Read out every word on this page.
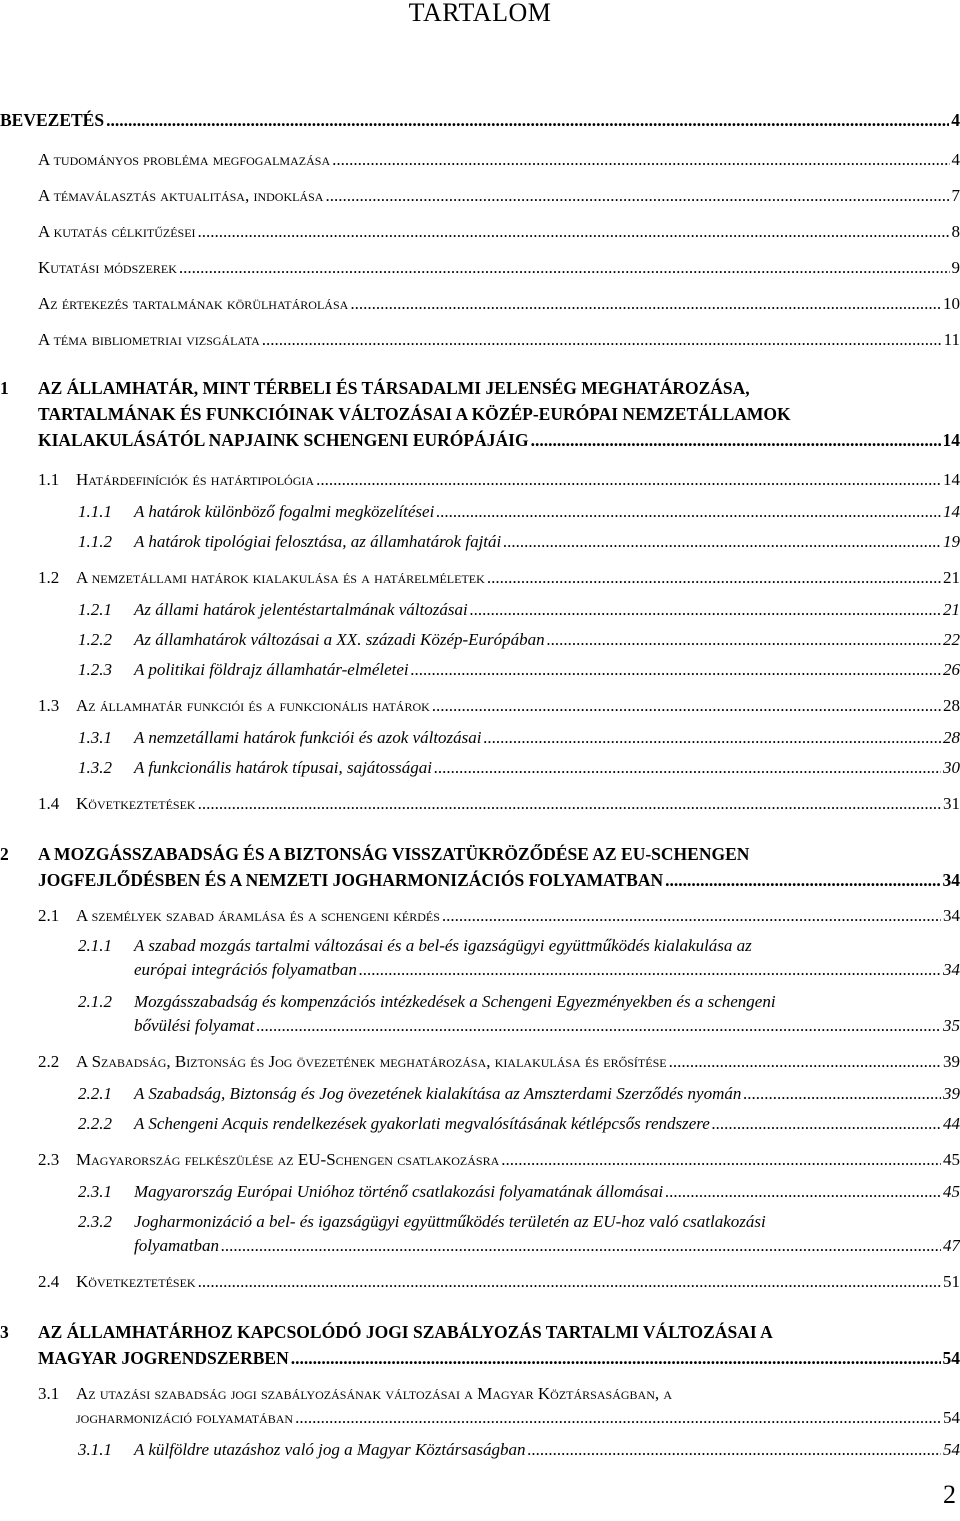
TARTALOM
BEVEZETÉS .....	4
A tudományos probléma megfogalmazása .....	4
A témaválasztás aktualitása, indoklása .....	7
A kutatás célkitűzései .....	8
Kutatási módszerek .....	9
Az értekezés tartalmának körülhatárolása .....	10
A téma bibliometriai vizsgálata .....	11
1 AZ ÁLLAMHATÁR, MINT TÉRBELI ÉS TÁRSADALMI JELENSÉG MEGHATÁROZÁSA,
TARTALMÁNAK ÉS FUNKCIÓINAK VÁLTOZÁSAI A KÖZÉP-EURÓPAI NEMZETÁLLAMOK
KIALAKULÁSÁTÓL NAPJAINK SCHENGENI EURÓPÁJÁIG .....	14
1.1 Határdefiníciók és határtipológia .....	14
1.1.1	A határok különböző fogalmi megközelítései .....	14
1.1.2	A határok tipológiai felosztása, az államhatárok fajtái .....	19
1.2 A nemzetállami határok kialakulása és a határelméletek .....	21
1.2.1	Az állami határok jelentéstartalmának változásai .....	21
1.2.2	Az államhatárok változásai a XX. századi Közép-Európában .....	22
1.2.3	A politikai földrajz államhatár-elméletei .....	26
1.3 Az államhatár funkciói és a funkcionális határok .....	28
1.3.1	A nemzetállami határok funkciói és azok változásai .....	28
1.3.2	A funkcionális határok típusai, sajátosságai .....	30
1.4 Következtetések .....	31
2 A MOZGÁSSZABADSÁG ÉS A BIZTONSÁG VISSZATÜKRÖZŐDÉSE AZ EU-SCHENGEN
JOGFEJLŐDÉSBEN ÉS A NEMZETI JOGHARMONIZÁCIÓS FOLYAMATBAN .....	34
2.1 A személyek szabad áramlása és a schengeni kérdés .....	34
2.1.1 A szabad mozgás tartalmi változásai és a bel-és igazságügyi együttműködés kialakulása az
európai integrációs folyamatban .....	34
2.1.2 Mozgásszabadság és kompenzációs intézkedések a Schengeni Egyezményekben és a schengeni
bővülési folyamat .....	35
2.2 A Szabadság, Biztonság és Jog övezetének meghatározása, kialakulása és erősítése .....	39
2.2.1	A Szabadság, Biztonság és Jog övezetének kialakítása az Amszterdami Szerződés nyomán .....	39
2.2.2	A Schengeni Acquis rendelkezések gyakorlati megvalósításának kétlépcsős rendszere .....	44
2.3 Magyarország felkészülése az EU-Schengen csatlakozásra .....	45
2.3.1	Magyarország Európai Unióhoz történő csatlakozási folyamatának állomásai .....	45
2.3.2 Jogharmonizáció a bel- és igazságügyi együttműködés területén az EU-hoz való csatlakozási
folyamatban .....	47
2.4 Következtetések .....	51
3 AZ ÁLLAMHATÁRHOZ KAPCSOLÓDÓ JOGI SZABÁLYOZÁS TARTALMI VÁLTOZÁSAI A
MAGYAR JOGRENDSZERBEN .....	54
3.1 Az utazási szabadság jogi szabályozásának változásai a Magyar Köztársaságban, a
jogharmonizáció folyamatában .....	54
3.1.1	A külföldre utazáshoz való jog a Magyar Köztársaságban .....	54
2
